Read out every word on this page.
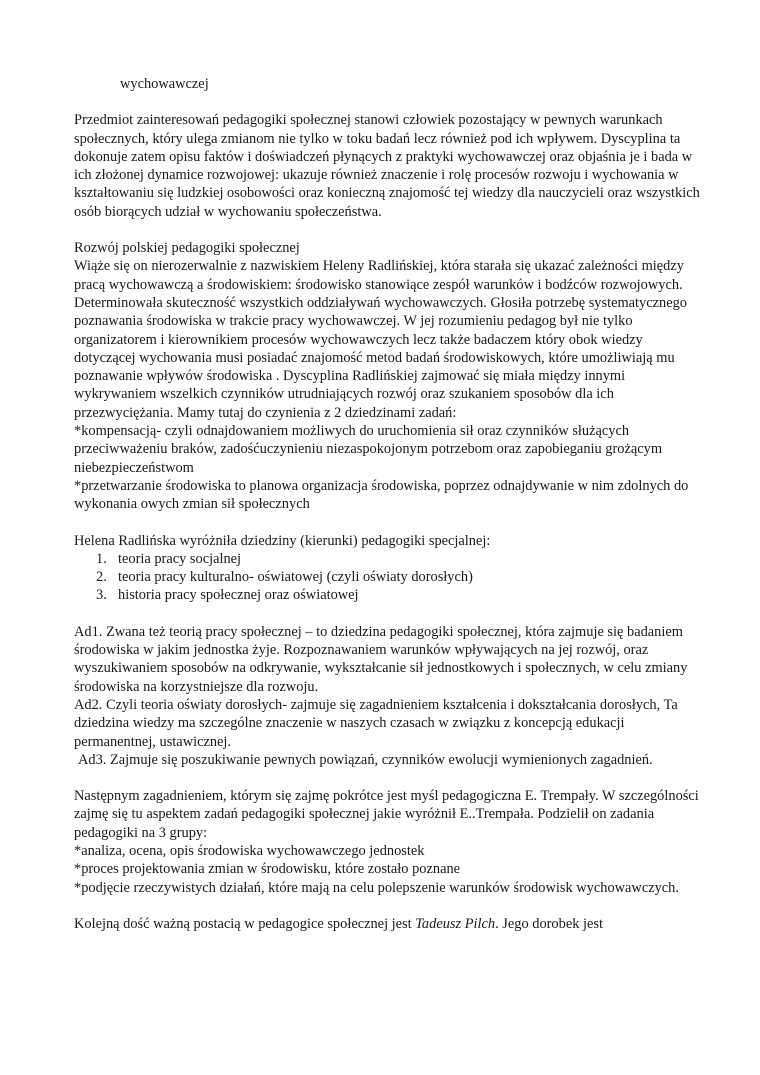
wychowawczej

Przedmiot zainteresowań pedagogiki społecznej stanowi człowiek pozostający w pewnych warunkach społecznych, który ulega zmianom nie tylko w toku badań lecz również pod ich wpływem. Dyscyplina ta dokonuje zatem opisu faktów i doświadczeń płynących z praktyki wychowawczej oraz objaśnia je i bada w ich złożonej dynamice rozwojowej: ukazuje również znaczenie i rolę procesów rozwoju i wychowania w kształtowaniu się ludzkiej osobowości oraz konieczną znajomość tej wiedzy dla nauczycieli oraz wszystkich osób biorących udział w wychowaniu społeczeństwa.

Rozwój polskiej pedagogiki społecznej

Wiąże się on nierozerwalnie z nazwiskiem Heleny Radlińskiej, która starała się ukazać zależności między pracą wychowawczą a środowiskiem: środowisko stanowiące zespół warunków i bodźców rozwojowych.

Determinowała skuteczność wszystkich oddziaływań wychowawczych. Głosiła potrzebę systematycznego poznawania środowiska w trakcie pracy wychowawczej. W jej rozumieniu pedagog był nie tylko organizatorem i kierownikiem procesów wychowawczych lecz także badaczem który obok wiedzy dotyczącej wychowania musi posiadać znajomość metod badań środowiskowych, które umożliwiają mu poznawanie wpływów środowiska . Dyscyplina Radlińskiej zajmować się miała między innymi wykrywaniem wszelkich czynników utrudniających rozwój oraz szukaniem sposobów dla ich przezwyciężania. Mamy tutaj do czynienia z 2 dziedzinami zadań:

*kompensacją- czyli odnajdowaniem możliwych do uruchomienia sił oraz czynników służących przeciwważeniu braków, zadośćuczynieniu niezaspokojonym potrzebom oraz zapobieganiu grożącym niebezpieczeństwom

*przetwarzanie środowiska to planowa organizacja środowiska, poprzez odnajdywanie w nim zdolnych do wykonania owych zmian sił społecznych

Helena Radlińska wyróżniła dziedziny (kierunki) pedagogiki specjalnej:

1. teoria pracy socjalnej
2. teoria pracy kulturalno- oświatowej (czyli oświaty dorosłych)
3. historia pracy społecznej oraz oświatowej

Ad1. Zwana też teorią pracy społecznej – to dziedzina pedagogiki społecznej, która zajmuje się badaniem środowiska w jakim jednostka żyje. Rozpoznawaniem warunków wpływających na jej rozwój, oraz wyszukiwaniem sposobów na odkrywanie, wykształcanie sił jednostkowych i społecznych, w celu zmiany środowiska na korzystniejsze dla rozwoju.

Ad2. Czyli teoria oświaty dorosłych- zajmuje się zagadnieniem kształcenia i dokształcania dorosłych, Ta dziedzina wiedzy ma szczególne znaczenie w naszych czasach w związku z koncepcją edukacji permanentnej, ustawicznej.

Ad3. Zajmuje się poszukiwanie pewnych powiązań, czynników ewolucji wymienionych zagadnień.

Następnym zagadnieniem, którym się zajmę pokrótce jest myśl pedagogiczna E. Trempały. W szczególności zajmę się tu aspektem zadań pedagogiki społecznej jakie wyróżnił E..Trempała. Podzielił on zadania pedagogiki na 3 grupy:

*analiza, ocena, opis środowiska wychowawczego jednostek

*proces projektowania zmian w środowisku, które zostało poznane

*podjęcie rzeczywistych działań, które mają na celu polepszenie warunków środowisk wychowawczych.

Kolejną dość ważną postacią w pedagogice społecznej jest Tadeusz Pilch. Jego dorobek jest
